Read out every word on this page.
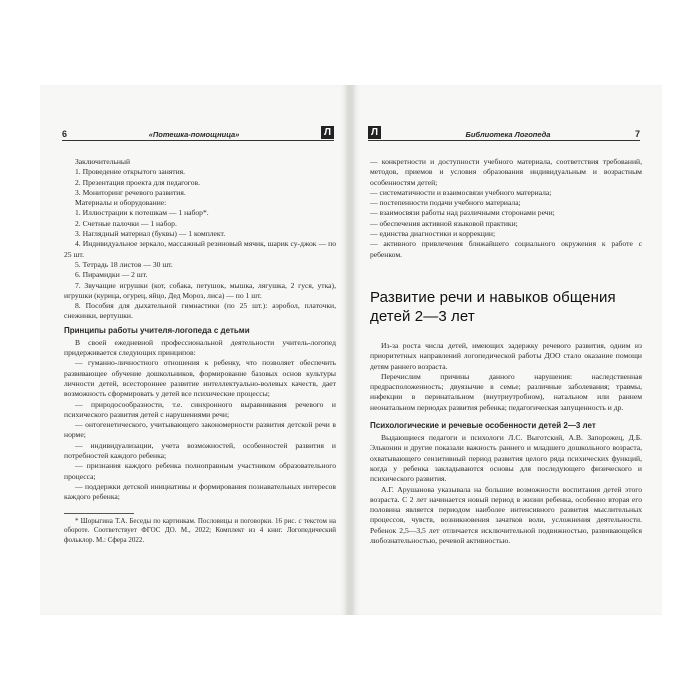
6	«Потешка-помощница»	Л
Заключительный
1. Проведение открытого занятия.
2. Презентация проекта для педагогов.
3. Мониторинг речевого развития.
Материалы и оборудование:
1. Иллюстрации к потешкам — 1 набор*.
2. Счетные палочки — 1 набор.
3. Наглядный материал (буквы) — 1 комплект.
4. Индивидуальное зеркало, массажный резиновый мячик, шарик су-джок — по 25 шт.
5. Тетрадь 18 листов — 30 шт.
6. Пирамидки — 2 шт.
7. Звучащие игрушки (кот, собака, петушок, мышка, лягушка, 2 гуся, утка), игрушки (курица, огурец, яйцо, Дед Мороз, лиса) — по 1 шт.
8. Пособия для дыхательной гимнастики (по 25 шт.): аэробол, платочки, снежинки, вертушки.
Принципы работы учителя-логопеда с детьми
В своей ежедневной профессиональной деятельности учитель-логопед придерживается следующих принципов:
— гуманно-личностного отношения к ребенку, что позволяет обеспечить развивающее обучение дошкольников, формирование базовых основ культуры личности детей, всестороннее развитие интеллектуально-волевых качеств, дает возможность сформировать у детей все психические процессы;
— природосообразности, т.е. синхронного выравнивания речевого и психического развития детей с нарушениями речи;
— онтогенетического, учитывающего закономерности развития детской речи в норме;
— индивидуализации, учета возможностей, особенностей развития и потребностей каждого ребенка;
— признания каждого ребенка полноправным участником образовательного процесса;
— поддержки детской инициативы и формирования познавательных интересов каждого ребенка;
* Шорыгина Т.А. Беседы по картинкам. Пословицы и поговорки. 16 рис. с текстом на обороте. Соответствует ФГОС ДО. М., 2022; Комплект из 4 книг. Логопедический фольклор. М.: Сфера 2022.
Л	Библиотека Логопеда	7
— конкретности и доступности учебного материала, соответствия требований, методов, приемов и условия образования индивидуальным и возрастным особенностям детей;
— систематичности и взаимосвязи учебного материала;
— постепенности подачи учебного материала;
— взаимосвязи работы над различными сторонами речи;
— обеспечения активной языковой практики;
— единства диагностики и коррекции;
— активного привлечения ближайшего социального окружения к работе с ребенком.
Развитие речи и навыков общения детей 2—3 лет
Из-за роста числа детей, имеющих задержку речевого развития, одним из приоритетных направлений логопедической работы ДОО стало оказание помощи детям раннего возраста.
Перечислим причины данного нарушения: наследственная предрасположенность; двуязычие в семье; различные заболевания; травмы, инфекции в перинатальном (внутриутробном), натальном или раннем неонатальном периодах развития ребенка; педагогическая запущенность и др.
Психологические и речевые особенности детей 2—3 лет
Выдающиеся педагоги и психологи Л.С. Выготский, А.В. Запорожец, Д.Б. Эльконин и другие показали важность раннего и младшего дошкольного возраста, охватывающего сензитивный период развития целого ряда психических функций, когда у ребенка закладываются основы для последующего физического и психического развития.
А.Г. Арушанова указывала на большие возможности воспитания детей этого возраста. С 2 лет начинается новый период в жизни ребенка, особенно вторая его половина является периодом наиболее интенсивного развития мыслительных процессов, чувств, возникновения зачатков воли, усложнения деятельности. Ребенок 2,5—3,5 лет отличается исключительной подвижностью, развивающейся любознательностью, речевой активностью.
